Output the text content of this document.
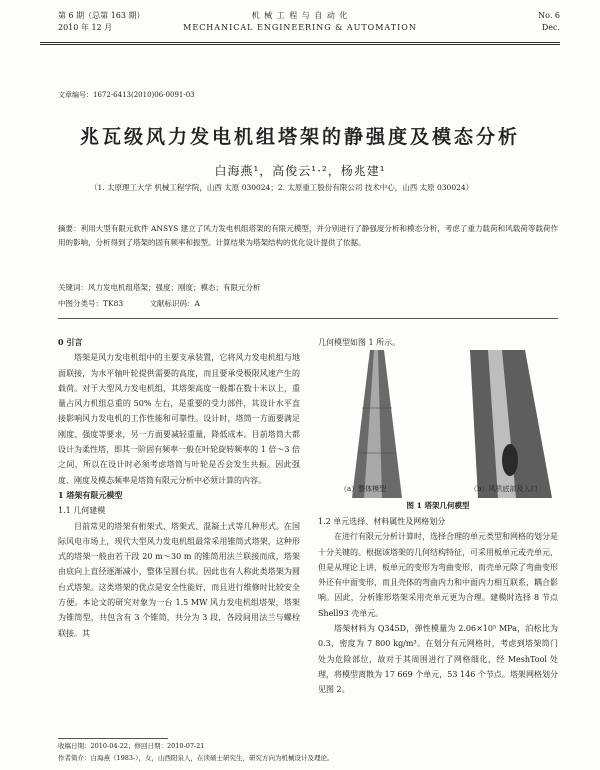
第 6 期（总第 163 期）
2010 年 12 月
机 械 工 程 与 自 动 化
MECHANICAL ENGINEERING & AUTOMATION
No. 6
Dec.
文章编号：1672-6413(2010)06-0091-03
兆瓦级风力发电机组塔架的静强度及模态分析
白海燕¹，高俊云¹·²，杨兆建¹
（1. 太原理工大学 机械工程学院，山西 太原 030024；2. 太原重工股份有限公司 技术中心，山西 太原 030024）
摘要：利用大型有限元软件 ANSYS 建立了风力发电机组塔架的有限元模型，并分别进行了静强度分析和模态分析，考虑了重力载荷和风载荷等载荷作用的影响，分析得到了塔架的固有频率和振型。计算结果为塔架结构的优化设计提供了依据。
关键词：风力发电机组塔架；强度；刚度；模态；有限元分析
中图分类号：TK83	文献标识码：A

0 引言

塔架是风力发电机组中的主要支承装置，它将风力发电机组与地面联接，为水平轴叶轮提供需要的高度，而且要承受极限风速产生的载荷。对于大型风力发电机组，其塔架高度一般都在数十米以上，重量占风力机组总重的 50% 左右，是重要的受力部件，其设计水平直接影响风力发电机的工作性能和可靠性。设计时，塔筒一方面要满足刚度、强度等要求，另一方面要减轻重量，降低成本。目前塔筒大都设计为柔性塔，即其一阶固有频率一般在叶轮旋转频率的 1 倍～3 倍之间，所以在设计时必须考虑塔筒与叶轮是否会发生共振。因此强度、刚度及模态频率是塔筒有限元分析中必须计算的内容。

1 塔架有限元模型

1.1 几何建模

目前常见的塔架有桁架式、塔架式、混凝土式等几种形式。在国际风电市场上，现代大型风力发电机组最常采用锥筒式塔架，这种形式的塔架一般由若干段 20 m～30 m 的锥筒用法兰联接而成，塔架由底向上直径逐渐减小，整体呈圆台状。因此也有人称此类塔架为圆台式塔架。这类塔架的优点是安全性能好，而且进行维修时比较安全方便。本论文的研究对象为一台 1.5 MW 风力发电机组塔架，塔架为锥筒型，共包含有 3 个锥筒，共分为 3 段，各段间用法兰与螺栓联接。其

几何模型如图 1 所示。

（a）整体模型	（b）风机底部及入口
图 1 塔架几何模型

1.2 单元选择、材料属性及网格划分

在进行有限元分析计算时，选择合理的单元类型和网格的划分是十分关键的。根据该塔架的几何结构特征，可采用板单元或壳单元，但是从理论上讲，板单元的变形为弯曲变形，而壳单元除了弯曲变形外还有中面变形，而且壳体的弯曲内力和中面内力相互联系，耦合影响。因此，分析锥形塔架采用壳单元更为合理。建模时选择 8 节点 Shell93 壳单元。

塔架材料为 Q345D，弹性模量为 2.06×10⁵ MPa，泊松比为 0.3，密度为 7 800 kg/m³。在划分有元网格时，考虑到塔架筒门处为危险部位，故对于其周围进行了网格细化，经 MeshTool 处理，将模型离散为 17 669 个单元，53 146 个节点。塔架网格划分见图 2。

收稿日期：2010-04-22；修回日期：2010-07-21
作者简介：白海燕（1983-），女，山西阳泉人，在读硕士研究生，研究方向为机械设计及理论。
